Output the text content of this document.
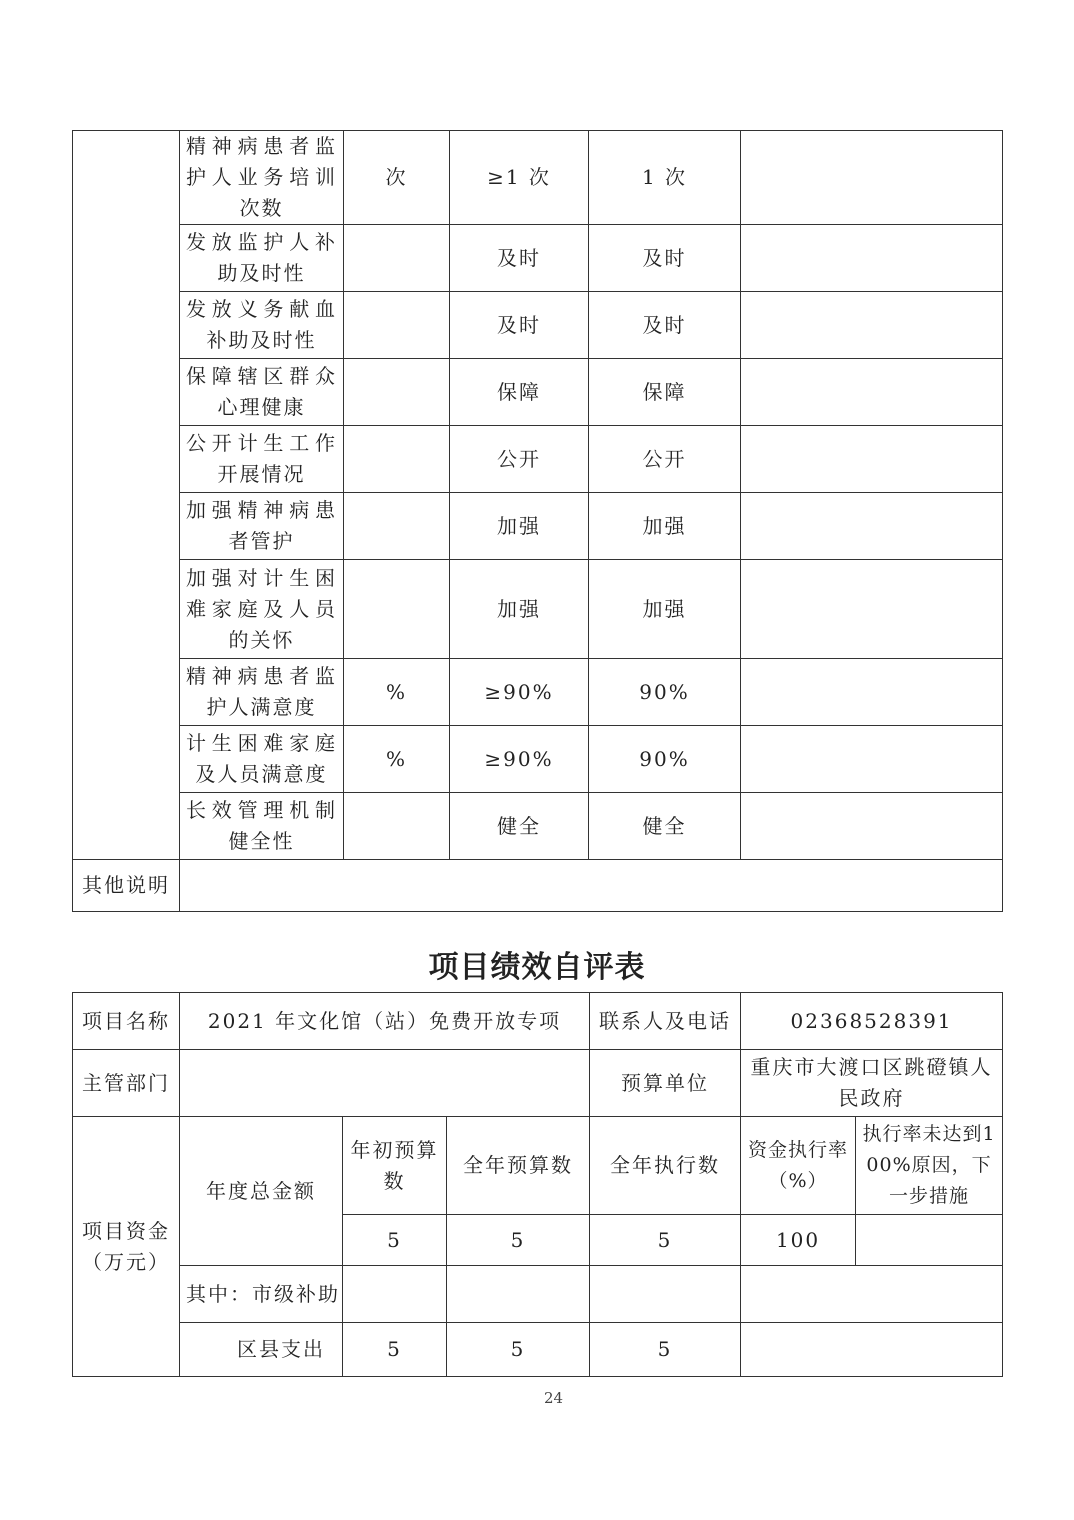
	精神病患者监护人业务培训次数	次	≥1 次	1 次	
	发放监护人补助及时性		及时	及时	
	发放义务献血补助及时性		及时	及时	
	保障辖区群众心理健康		保障	保障	
	公开计生工作开展情况		公开	公开	
	加强精神病患者管护		加强	加强	
	加强对计生困难家庭及人员的关怀		加强	加强	
	精神病患者监护人满意度	%	≥90%	90%	
	计生困难家庭及人员满意度	%	≥90%	90%	
	长效管理机制健全性		健全	健全	
其他说明					
项目绩效自评表
项目名称	2021 年文化馆（站）免费开放专项			联系人及电话	02368528391	
主管部门				预算单位	重庆市大渡口区跳磴镇人民政府	
项目资金（万元）	年度总金额	年初预算数	全年预算数	全年执行数	资金执行率（%）	执行率未达到100%原因，下一步措施
		5	5	5	100	
	其中：市级补助					
	区县支出	5	5	5		
24
